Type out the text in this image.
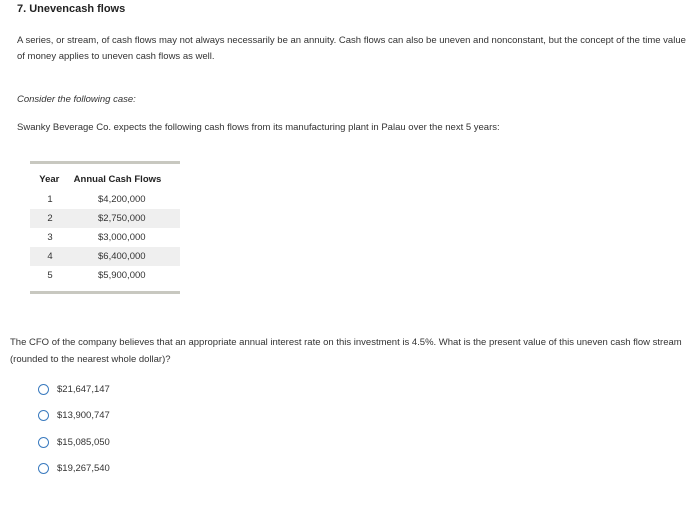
7. Unevencash flows
A series, or stream, of cash flows may not always necessarily be an annuity. Cash flows can also be uneven and nonconstant, but the concept of the time value of money applies to uneven cash flows as well.
Consider the following case:
Swanky Beverage Co. expects the following cash flows from its manufacturing plant in Palau over the next 5 years:
Year	Annual Cash Flows
1	$4,200,000
2	$2,750,000
3	$3,000,000
4	$6,400,000
5	$5,900,000
The CFO of the company believes that an appropriate annual interest rate on this investment is 4.5%. What is the present value of this uneven cash flow stream (rounded to the nearest whole dollar)?
$21,647,147
$13,900,747
$15,085,050
$19,267,540
